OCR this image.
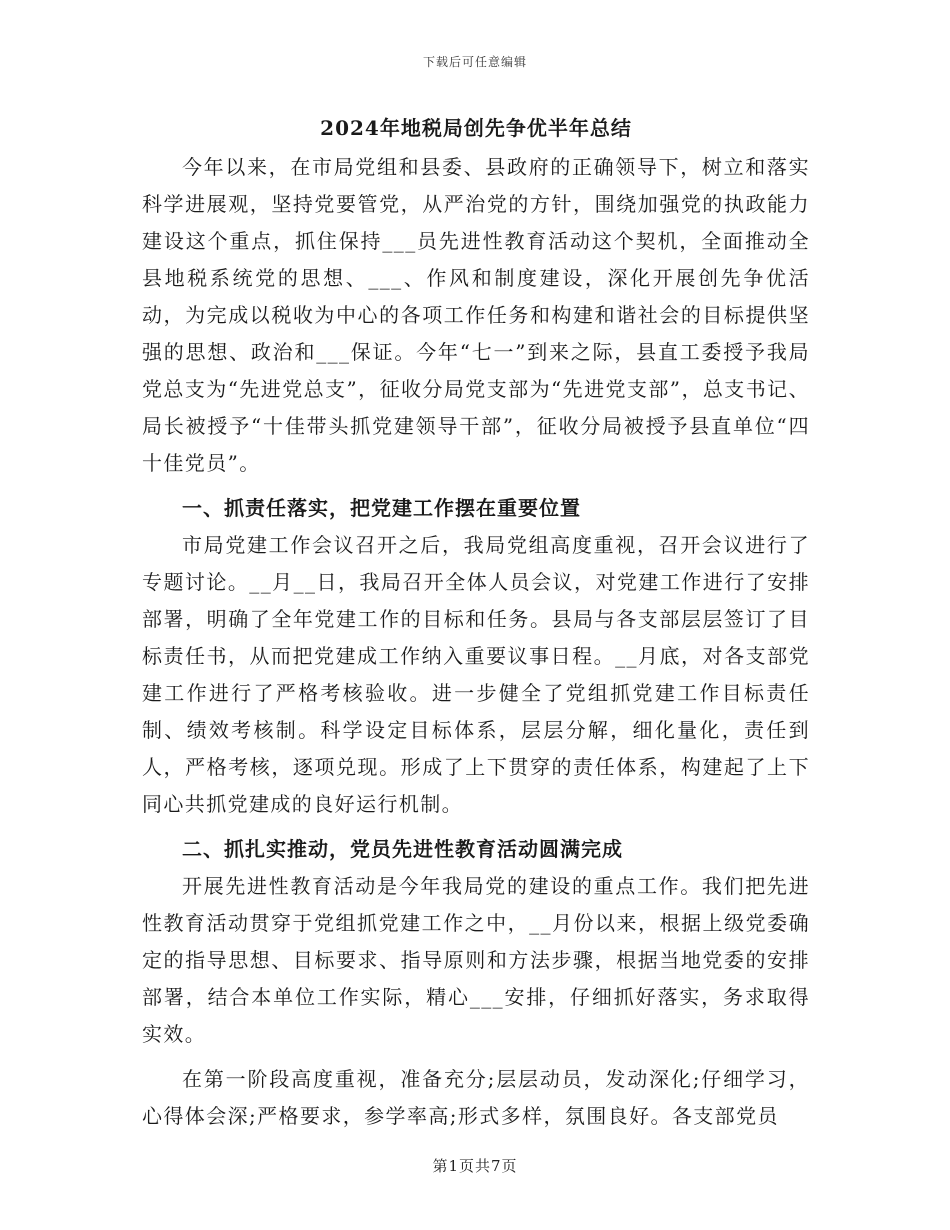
下载后可任意编辑
2024年地税局创先争优半年总结

今年以来，在市局党组和县委、县政府的正确领导下，树立和落实科学进展观，坚持党要管党，从严治党的方针，围绕加强党的执政能力建设这个重点，抓住保持___员先进性教育活动这个契机，全面推动全县地税系统党的思想、___、作风和制度建设，深化开展创先争优活动，为完成以税收为中心的各项工作任务和构建和谐社会的目标提供坚强的思想、政治和___保证。今年“七一”到来之际，县直工委授予我局党总支为“先进党总支”，征收分局党支部为“先进党支部”，总支书记、局长被授予“十佳带头抓党建领导干部”，征收分局被授予县直单位“四十佳党员”。

一、抓责任落实，把党建工作摆在重要位置

市局党建工作会议召开之后，我局党组高度重视，召开会议进行了专题讨论。__月__日，我局召开全体人员会议，对党建工作进行了安排部署，明确了全年党建工作的目标和任务。县局与各支部层层签订了目标责任书，从而把党建成工作纳入重要议事日程。__月底，对各支部党建工作进行了严格考核验收。进一步健全了党组抓党建工作目标责任制、绩效考核制。科学设定目标体系，层层分解，细化量化，责任到人，严格考核，逐项兑现。形成了上下贯穿的责任体系，构建起了上下同心共抓党建成的良好运行机制。

二、抓扎实推动，党员先进性教育活动圆满完成

开展先进性教育活动是今年我局党的建设的重点工作。我们把先进性教育活动贯穿于党组抓党建工作之中，__月份以来，根据上级党委确定的指导思想、目标要求、指导原则和方法步骤，根据当地党委的安排部署，结合本单位工作实际，精心___安排，仔细抓好落实，务求取得实效。

在第一阶段高度重视，准备充分;层层动员，发动深化;仔细学习，心得体会深;严格要求，参学率高;形式多样，氛围良好。各支部党员

第1页共7页
